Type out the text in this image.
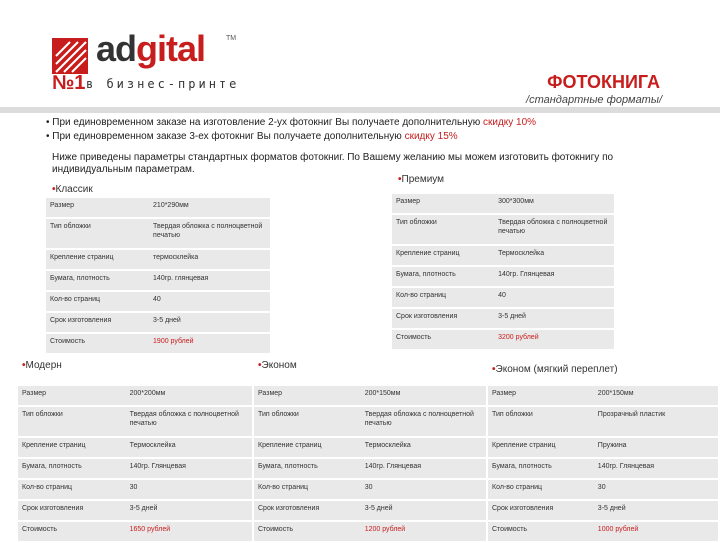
adgital	TM
№1 в бизнес-принте	ФОТОКНИГА
/стандартные форматы/
• При единовременном заказе на изготовление 2-ух фотокниг Вы получаете дополнительную скидку 10%
• При единовременном заказе 3-ех фотокниг Вы получаете дополнительную скидку 15%
Ниже приведены параметры стандартных форматов фотокниг. По Вашему желанию мы можем изготовить фотокнигу по индивидуальным параметрам.
•Классик
•Премиум
•Модерн	•Эконом	•Эконом (мягкий переплет)
Размер	210*290мм
Тип обложки	Твердая обложка с полноцветной печатью
Крепление страниц	термосклейка
Бумага, плотность	140гр. глянцевая
Кол-во страниц	40
Срок изготовления	3-5 дней
Стоимость	1900 рублей
Размер	300*300мм
Тип обложки	Твердая обложка с полноцветной печатью
Крепление страниц	Термосклейка
Бумага, плотность	140гр. Глянцевая
Кол-во страниц	40
Срок изготовления	3-5 дней
Стоимость	3200 рублей
Размер	200*200мм
Тип обложки	Твердая обложка с полноцветной печатью
Крепление страниц	Термосклейка
Бумага, плотность	140гр. Глянцевая
Кол-во страниц	30
Срок изготовления	3-5 дней
Стоимость	1650 рублей
Размер	200*150мм
Тип обложки	Твердая обложка с полноцветной печатью
Крепление страниц	Термосклейка
Бумага, плотность	140гр. Глянцевая
Кол-во страниц	30
Срок изготовления	3-5 дней
Стоимость	1200 рублей
Размер	200*150мм
Тип обложки	Прозрачный пластик
Крепление страниц	Пружина
Бумага, плотность	140гр. Глянцевая
Кол-во страниц	30
Срок изготовления	3-5 дней
Стоимость	1000 рублей
